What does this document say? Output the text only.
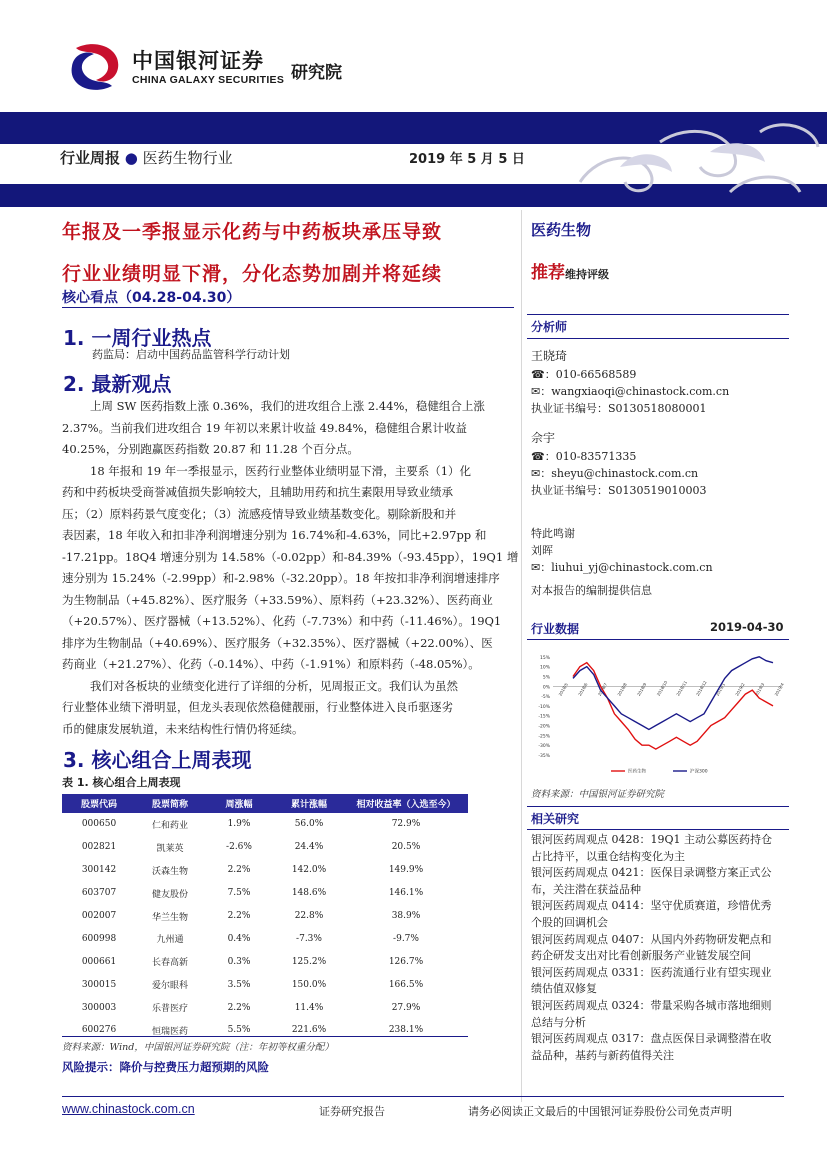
中国银河证券
CHINA GALAXY SECURITIES 研究院
行业周报 ● 医药生物行业	2019 年 5 月 5 日
年报及一季报显示化药与中药板块承压导致
行业业绩明显下滑，分化态势加剧并将延续
核心看点（04.28-04.30）
1. 一周行业热点
药监局：启动中国药品监管科学行动计划
2. 最新观点
上周 SW 医药指数上涨 0.36%，我们的进攻组合上涨 2.44%，稳健组合上涨
2.37%。当前我们进攻组合 19 年初以来累计收益 49.84%，稳健组合累计收益
40.25%，分别跑赢医药指数 20.87 和 11.28 个百分点。
18 年报和 19 年一季报显示，医药行业整体业绩明显下滑，主要系（1）化
药和中药板块受商誉减值损失影响较大，且辅助用药和抗生素限用导致业绩承
压；（2）原料药景气度变化；（3）流感疫情导致业绩基数变化。剔除新股和并
表因素，18 年收入和扣非净利润增速分别为 16.74%和-4.63%，同比+2.97pp 和
-17.21pp。18Q4 增速分别为 14.58%（-0.02pp）和-84.39%（-93.45pp），19Q1 增
速分别为 15.24%（-2.99pp）和-2.98%（-32.20pp）。18 年按扣非净利润增速排序
为生物制品（+45.82%）、医疗服务（+33.59%）、原料药（+23.32%）、医药商业
（+20.57%）、医疗器械（+13.52%）、化药（-7.73%）和中药（-11.46%）。19Q1
排序为生物制品（+40.69%）、医疗服务（+32.35%）、医疗器械（+22.00%）、医
药商业（+21.27%）、化药（-0.14%）、中药（-1.91%）和原料药（-48.05%）。
我们对各板块的业绩变化进行了详细的分析，见周报正文。我们认为虽然
行业整体业绩下滑明显，但龙头表现依然稳健靓丽，行业整体进入良币驱逐劣
币的健康发展轨道，未来结构性行情仍将延续。
3. 核心组合上周表现
表 1. 核心组合上周表现
股票代码	股票简称	周涨幅	累计涨幅	相对收益率（入选至今）
000650	仁和药业	1.9%	56.0%	72.9%
002821	凯莱英	-2.6%	24.4%	20.5%
300142	沃森生物	2.2%	142.0%	149.9%
603707	健友股份	7.5%	148.6%	146.1%
002007	华兰生物	2.2%	22.8%	38.9%
600998	九州通	0.4%	-7.3%	-9.7%
000661	长春高新	0.3%	125.2%	126.7%
300015	爱尔眼科	3.5%	150.0%	166.5%
300003	乐普医疗	2.2%	11.4%	27.9%
600276	恒瑞医药	5.5%	221.6%	238.1%
资料来源：Wind，中国银河证券研究院（注：年初等权重分配）
风险提示：降价与控费压力超预期的风险
医药生物
推荐维持评级
分析师
王晓琦
☎：010-66568589
✉：wangxiaoqi@chinastock.com.cn
执业证书编号：S0130518080001
佘宇
☎：010-83571335
✉：sheyu@chinastock.com.cn
执业证书编号：S0130519010003
特此鸣谢
刘晖
✉：liuhui_yj@chinastock.com.cn
对本报告的编制提供信息
行业数据	2019-04-30
15%
10%
5%
0%
-5%
-10%
-15%
-20%
-25%
-30%
-35%
2018/5 2018/6 2018/7 2018/8 2018/9 2018/10 2018/11 2018/12 2019/1 2019/2 2019/3 2019/4
医药生物	沪深300
资料来源：中国银河证券研究院
相关研究
银河医药周观点 0428：19Q1 主动公募医药持仓占比持平，以重仓结构变化为主
银河医药周观点 0421：医保目录调整方案正式公布，关注潜在获益品种
银河医药周观点 0414：坚守优质赛道，珍惜优秀个股的回调机会
银河医药周观点 0407：从国内外药物研发靶点和药企研发支出对比看创新服务产业链发展空间
银河医药周观点 0331：医药流通行业有望实现业绩估值双修复
银河医药周观点 0324：带量采购各城市落地细则总结与分析
银河医药周观点 0317：盘点医保目录调整潜在收益品种，基药与新药值得关注
www.chinastock.com.cn	证券研究报告	请务必阅读正文最后的中国银河证券股份公司免责声明
